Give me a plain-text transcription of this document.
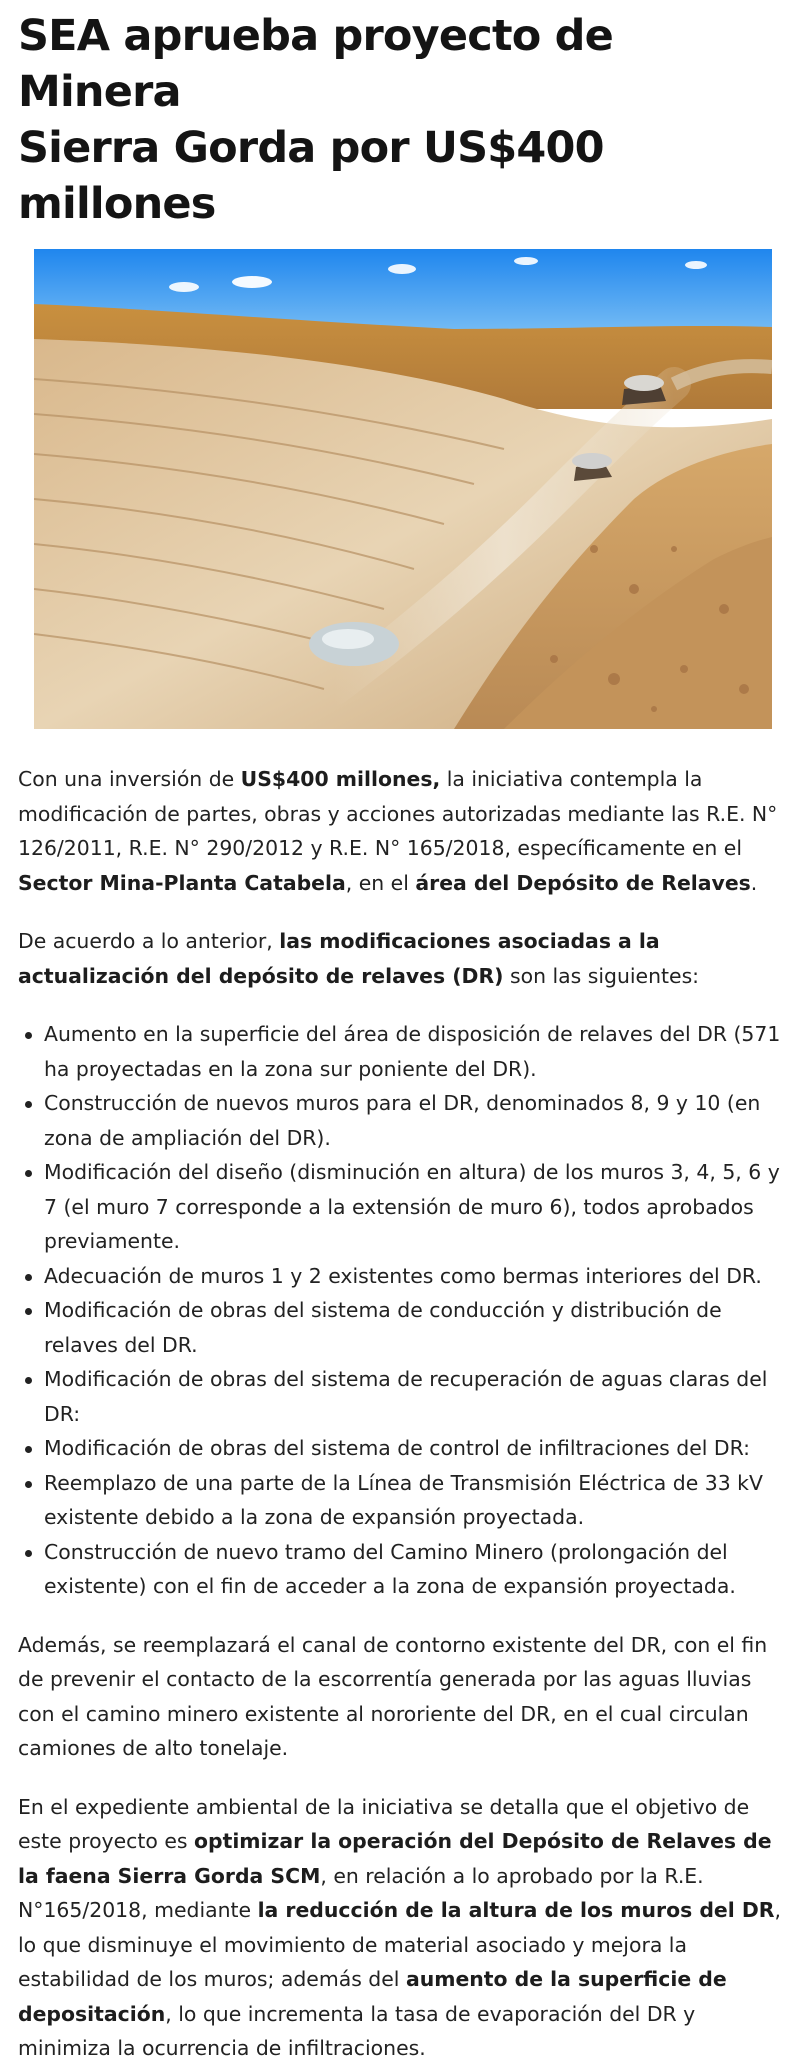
SEA aprueba proyecto de Minera
Sierra Gorda por US$400 millones

Con una inversión de US$400 millones, la iniciativa contempla la modificación de partes, obras y acciones autorizadas mediante las R.E. N° 126/2011, R.E. N° 290/2012 y R.E. N° 165/2018, específicamente en el Sector Mina-Planta Catabela, en el área del Depósito de Relaves.

De acuerdo a lo anterior, las modificaciones asociadas a la actualización del depósito de relaves (DR) son las siguientes:

Aumento en la superficie del área de disposición de relaves del DR (571 ha proyectadas en la zona sur poniente del DR).
Construcción de nuevos muros para el DR, denominados 8, 9 y 10 (en zona de ampliación del DR).
Modificación del diseño (disminución en altura) de los muros 3, 4, 5, 6 y 7 (el muro 7 corresponde a la extensión de muro 6), todos aprobados previamente.
Adecuación de muros 1 y 2 existentes como bermas interiores del DR.
Modificación de obras del sistema de conducción y distribución de relaves del DR.
Modificación de obras del sistema de recuperación de aguas claras del DR:
Modificación de obras del sistema de control de infiltraciones del DR:
Reemplazo de una parte de la Línea de Transmisión Eléctrica de 33 kV existente debido a la zona de expansión proyectada.
Construcción de nuevo tramo del Camino Minero (prolongación del existente) con el fin de acceder a la zona de expansión proyectada.

Además, se reemplazará el canal de contorno existente del DR, con el fin de prevenir el contacto de la escorrentía generada por las aguas lluvias con el camino minero existente al nororiente del DR, en el cual circulan camiones de alto tonelaje.

En el expediente ambiental de la iniciativa se detalla que el objetivo de este proyecto es optimizar la operación del Depósito de Relaves de la faena Sierra Gorda SCM, en relación a lo aprobado por la R.E. N°165/2018, mediante la reducción de la altura de los muros del DR, lo que disminuye el movimiento de material asociado y mejora la estabilidad de los muros; además del aumento de la superficie de depositación, lo que incrementa la tasa de evaporación del DR y minimiza la ocurrencia de infiltraciones.
